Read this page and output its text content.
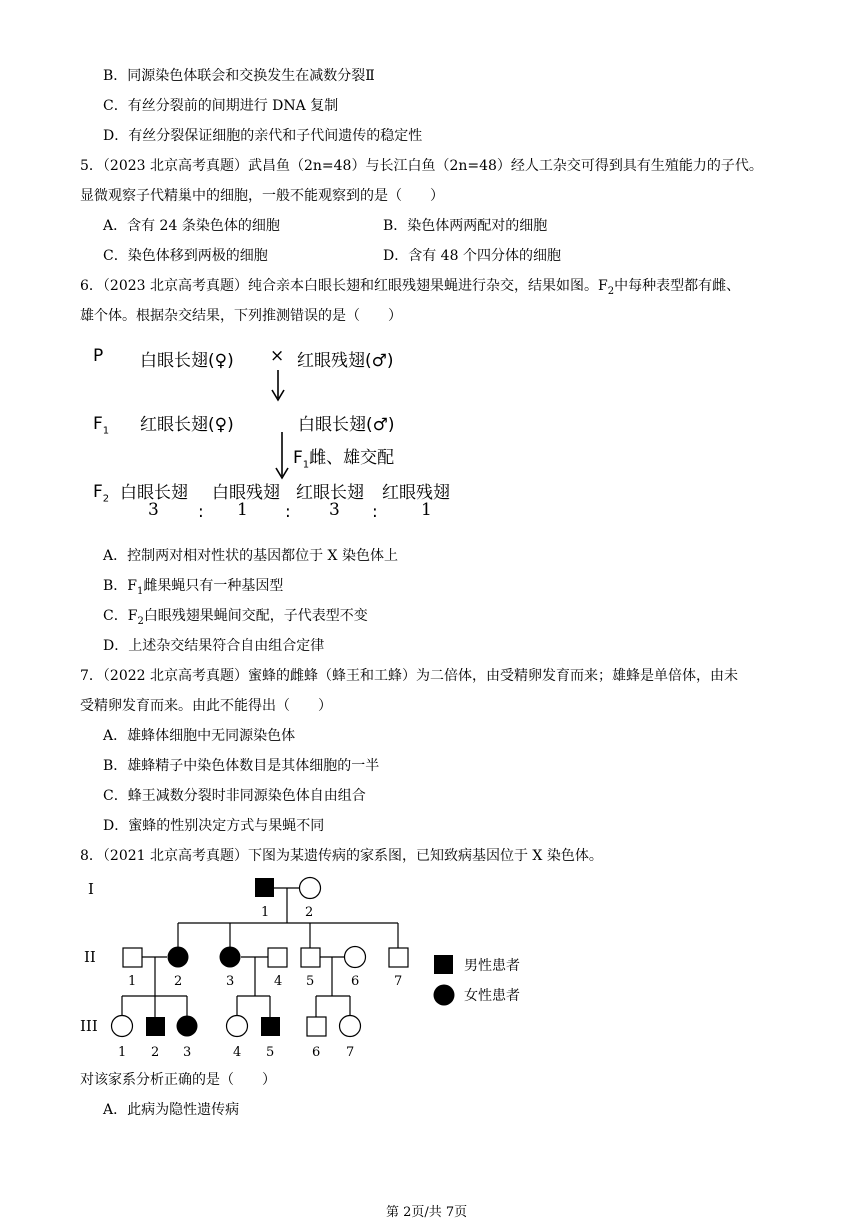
B．同源染色体联会和交换发生在减数分裂Ⅱ
C．有丝分裂前的间期进行 DNA 复制
D．有丝分裂保证细胞的亲代和子代间遗传的稳定性
5．（2023 北京高考真题）武昌鱼（2n=48）与长江白鱼（2n=48）经人工杂交可得到具有生殖能力的子代。
显微观察子代精巢中的细胞，一般不能观察到的是（　　）
A．含有 24 条染色体的细胞	B．染色体两两配对的细胞
C．染色体移到两极的细胞	D．含有 48 个四分体的细胞
6．（2023 北京高考真题）纯合亲本白眼长翅和红眼残翅果蝇进行杂交，结果如图。$F_2$中每种表型都有雌、
雄个体。根据杂交结果，下列推测错误的是（　　）
P 白眼长翅(♀) × 红眼残翅(♂)
$F_1$ 红眼长翅(♀)	白眼长翅(♂)
$F_1$雌、雄交配
$F_2$ 白眼长翅 白眼残翅 红眼长翅 红眼残翅
3 : 1 : 3 :	1
A．控制两对相对性状的基因都位于 X 染色体上
B．$F_1$雌果蝇只有一种基因型
C．$F_2$白眼残翅果蝇间交配，子代表型不变
D．上述杂交结果符合自由组合定律
7．（2022 北京高考真题）蜜蜂的雌蜂（蜂王和工蜂）为二倍体，由受精卵发育而来；雄蜂是单倍体，由未
受精卵发育而来。由此不能得出（　　）
A．雄蜂体细胞中无同源染色体
B．雄蜂精子中染色体数目是其体细胞的一半
C．蜂王减数分裂时非同源染色体自由组合
D．蜜蜂的性别决定方式与果蝇不同
8．（2021 北京高考真题）下图为某遗传病的家系图，已知致病基因位于 X 染色体。
I
II
III
1	2
1	2	3	4 5	6	7
1 2 3	4 5	6 7
男性患者
女性患者
对该家系分析正确的是（　　）
A．此病为隐性遗传病
第 2页/共 7页
